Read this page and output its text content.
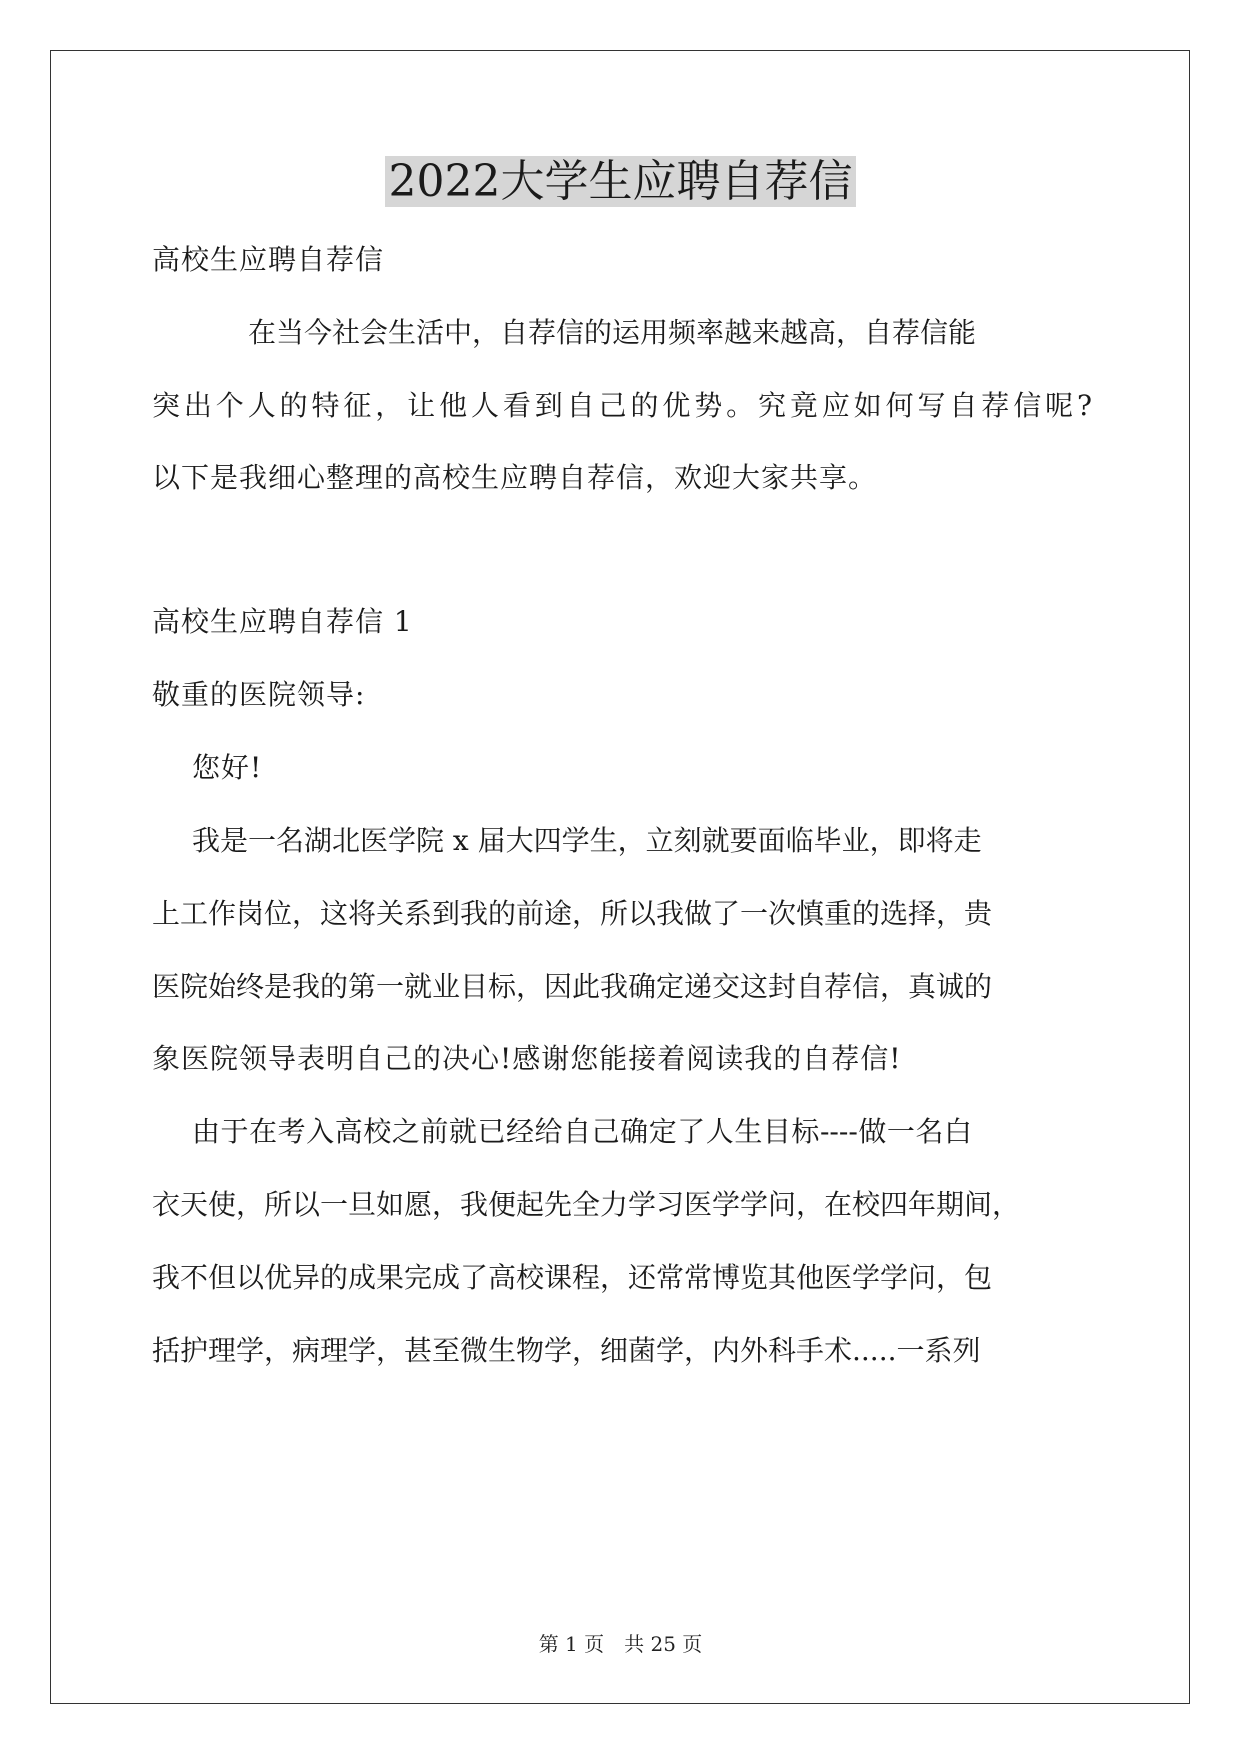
2022大学生应聘自荐信
高校生应聘自荐信
在当今社会生活中，自荐信的运用频率越来越高，自荐信能
突出个人的特征，让他人看到自己的优势。究竟应如何写自荐信呢?
以下是我细心整理的高校生应聘自荐信，欢迎大家共享。
高校生应聘自荐信 1
敬重的医院领导:
您好!
我是一名湖北医学院 x 届大四学生，立刻就要面临毕业，即将走
上工作岗位，这将关系到我的前途，所以我做了一次慎重的选择，贵
医院始终是我的第一就业目标，因此我确定递交这封自荐信，真诚的
象医院领导表明自己的决心!感谢您能接着阅读我的自荐信!
由于在考入高校之前就已经给自己确定了人生目标----做一名白
衣天使，所以一旦如愿，我便起先全力学习医学学问，在校四年期间，
我不但以优异的成果完成了高校课程，还常常博览其他医学学问，包
括护理学，病理学，甚至微生物学，细菌学，内外科手术.....一系列
第 1 页　共 25 页
